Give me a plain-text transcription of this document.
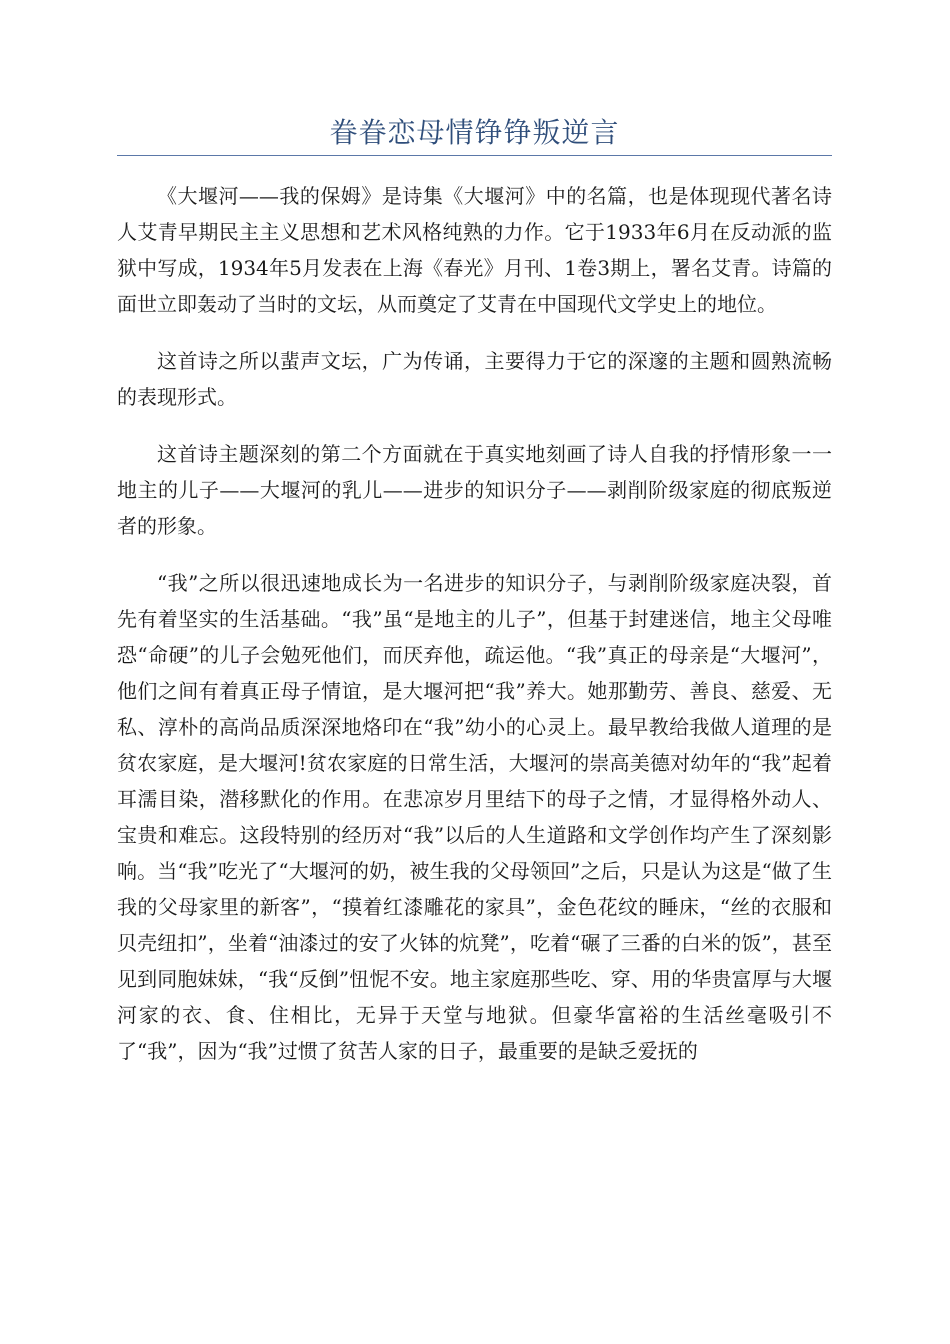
眷眷恋母情铮铮叛逆言

《大堰河——我的保姆》是诗集《大堰河》中的名篇，也是体现现代著名诗人艾青早期民主主义思想和艺术风格纯熟的力作。它于1933年6月在反动派的监狱中写成，1934年5月发表在上海《春光》月刊、1卷3期上，署名艾青。诗篇的面世立即轰动了当时的文坛，从而奠定了艾青在中国现代文学史上的地位。

这首诗之所以蜚声文坛，广为传诵，主要得力于它的深邃的主题和圆熟流畅的表现形式。

这首诗主题深刻的第二个方面就在于真实地刻画了诗人自我的抒情形象一一地主的儿子——大堰河的乳儿——进步的知识分子——剥削阶级家庭的彻底叛逆者的形象。

“我”之所以很迅速地成长为一名进步的知识分子，与剥削阶级家庭决裂，首先有着坚实的生活基础。“我”虽“是地主的儿子”，但基于封建迷信，地主父母唯恐“命硬”的儿子会勉死他们，而厌弃他，疏运他。“我”真正的母亲是“大堰河”，他们之间有着真正母子情谊，是大堰河把“我”养大。她那勤劳、善良、慈爱、无私、淳朴的高尚品质深深地烙印在“我”幼小的心灵上。最早教给我做人道理的是贫农家庭，是大堰河!贫农家庭的日常生活，大堰河的崇高美德对幼年的“我”起着耳濡目染，潜移默化的作用。在悲凉岁月里结下的母子之情，才显得格外动人、宝贵和难忘。这段特别的经历对“我”以后的人生道路和文学创作均产生了深刻影响。当“我”吃光了“大堰河的奶，被生我的父母领回”之后，只是认为这是“做了生我的父母家里的新客”，“摸着红漆雕花的家具”，金色花纹的睡床，“丝的衣服和贝壳纽扣”，坐着“油漆过的安了火钵的炕凳”，吃着“碾了三番的白米的饭”，甚至见到同胞妹妹，“我“反倒”忸怩不安。地主家庭那些吃、穿、用的华贵富厚与大堰河家的衣、食、住相比，无异于天堂与地狱。但豪华富裕的生活丝毫吸引不了“我”，因为“我”过惯了贫苦人家的日子，最重要的是缺乏爱抚的
